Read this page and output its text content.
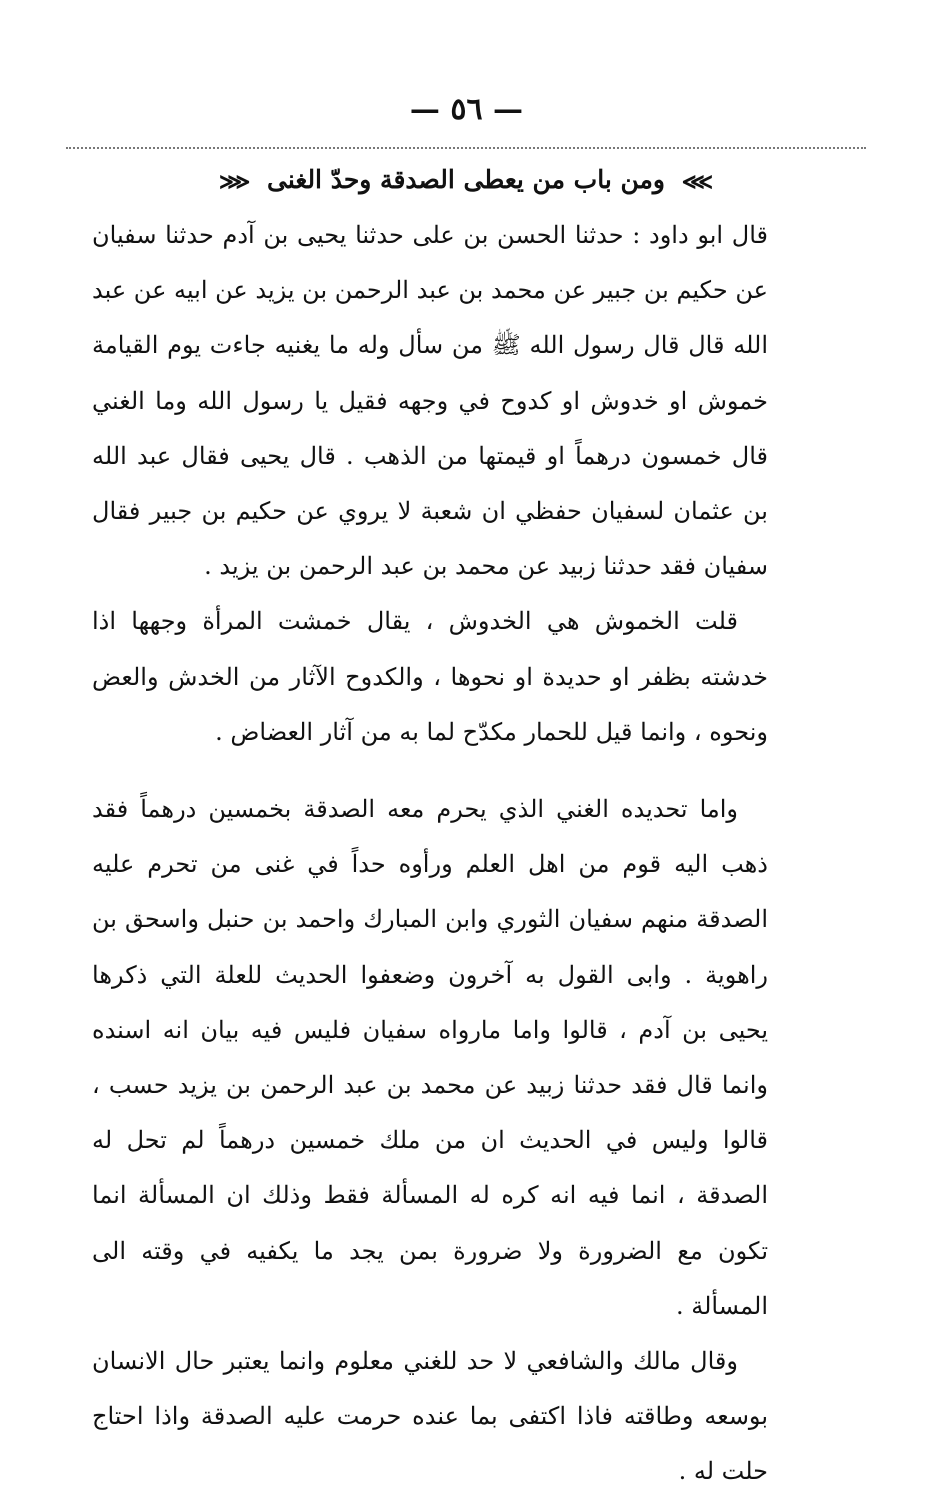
— ٥٦ —
⋙ ومن باب من يعطى الصدقة وحدّ الغنى ⋘

قال ابو داود : حدثنا الحسن بن على حدثنا يحيى بن آدم حدثنا سفيان عن حكيم بن جبير عن محمد بن عبد الرحمن بن يزيد عن ابيه عن عبد الله قال قال رسول الله ﷺ من سأل وله ما يغنيه جاءت يوم القيامة خموش او خدوش او كدوح في وجهه فقيل يا رسول الله وما الغني قال خمسون درهماً او قيمتها من الذهب . قال يحيى فقال عبد الله بن عثمان لسفيان حفظي ان شعبة لا يروي عن حكيم بن جبير فقال سفيان فقد حدثنا زبيد عن محمد بن عبد الرحمن بن يزيد .

قلت الخموش هي الخدوش ، يقال خمشت المرأة وجهها اذا خدشته بظفر او حديدة او نحوها ، والكدوح الآثار من الخدش والعض ونحوه ، وانما قيل للحمار مكدّح لما به من آثار العضاض .

واما تحديده الغني الذي يحرم معه الصدقة بخمسين درهماً فقد ذهب اليه قوم من اهل العلم ورأوه حداً في غنى من تحرم عليه الصدقة منهم سفيان الثوري وابن المبارك واحمد بن حنبل واسحق بن راهوية . وابى القول به آخرون وضعفوا الحديث للعلة التي ذكرها يحيى بن آدم ، قالوا واما مارواه سفيان فليس فيه بيان انه اسنده وانما قال فقد حدثنا زبيد عن محمد بن عبد الرحمن بن يزيد حسب ، قالوا وليس في الحديث ان من ملك خمسين درهماً لم تحل له الصدقة ، انما فيه انه كره له المسألة فقط وذلك ان المسألة انما تكون مع الضرورة ولا ضرورة بمن يجد ما يكفيه في وقته الى المسألة .

وقال مالك والشافعي لا حد للغني معلوم وانما يعتبر حال الانسان بوسعه وطاقته فاذا اكتفى بما عنده حرمت عليه الصدقة واذا احتاج حلت له .
